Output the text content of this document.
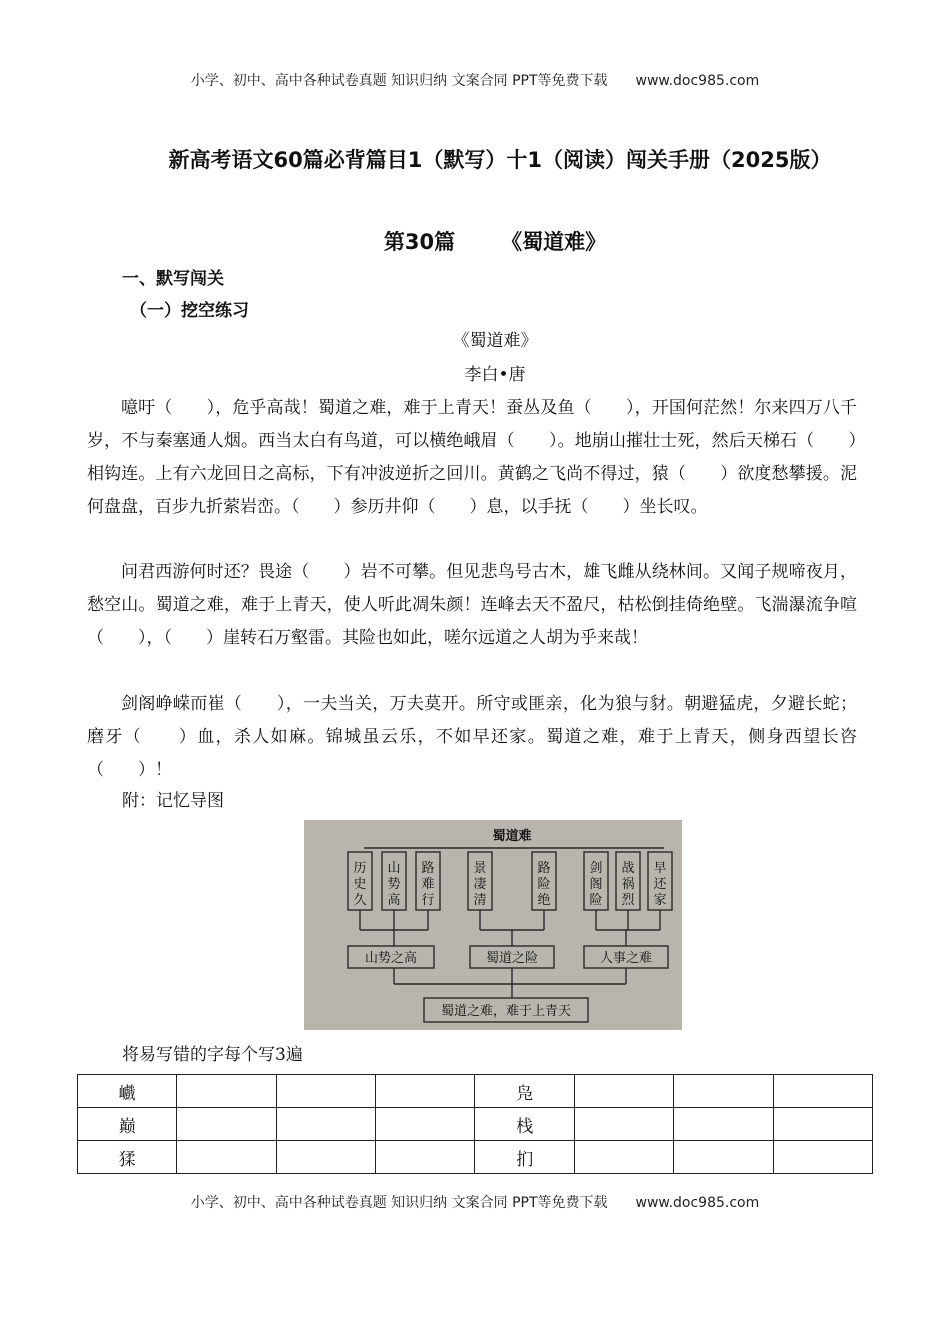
小学、初中、高中各种试卷真题 知识归纳 文案合同 PPT等免费下载 www.doc985.com
新高考语文60篇必背篇目1（默写）十1（阅读）闯关手册（2025版）
第30篇 《蜀道难》
一、默写闯关
（一）挖空练习
《蜀道难》
李白•唐

噫吁（　　），危乎高哉！蜀道之难，难于上青天！蚕丛及鱼（　　），开国何茫然！尔来四万八千岁，不与秦塞通人烟。西当太白有鸟道，可以横绝峨眉（　　）。地崩山摧壮士死，然后天梯石（　　）相钩连。上有六龙回日之高标，下有冲波逆折之回川。黄鹤之飞尚不得过，猿（　　）欲度愁攀援。泥何盘盘，百步九折萦岩峦。（　　）参历井仰（　　）息，以手抚（　　）坐长叹。

问君西游何时还？畏途（　　）岩不可攀。但见悲鸟号古木，雄飞雌从绕林间。又闻子规啼夜月，愁空山。蜀道之难，难于上青天，使人听此凋朱颜！连峰去天不盈尺，枯松倒挂倚绝壁。飞湍瀑流争喧（　　），（　　）崖转石万壑雷。其险也如此，嗟尔远道之人胡为乎来哉！

剑阁峥嵘而崔（　　），一夫当关，万夫莫开。所守或匪亲，化为狼与豺。朝避猛虎，夕避长蛇；磨牙（　　）血，杀人如麻。锦城虽云乐，不如早还家。蜀道之难，难于上青天，侧身西望长咨（　　）！

附：记忆导图
蜀道难
历史久
山势高
路难行
景凄清
路险绝
剑阁险
战祸烈
早还家
山势之高	蜀道之险	人事之难
蜀道之难，难于上青天
将易写错的字每个写3遍
巇				凫			
巅				栈			
猱				扪			
小学、初中、高中各种试卷真题 知识归纳 文案合同 PPT等免费下载 www.doc985.com
